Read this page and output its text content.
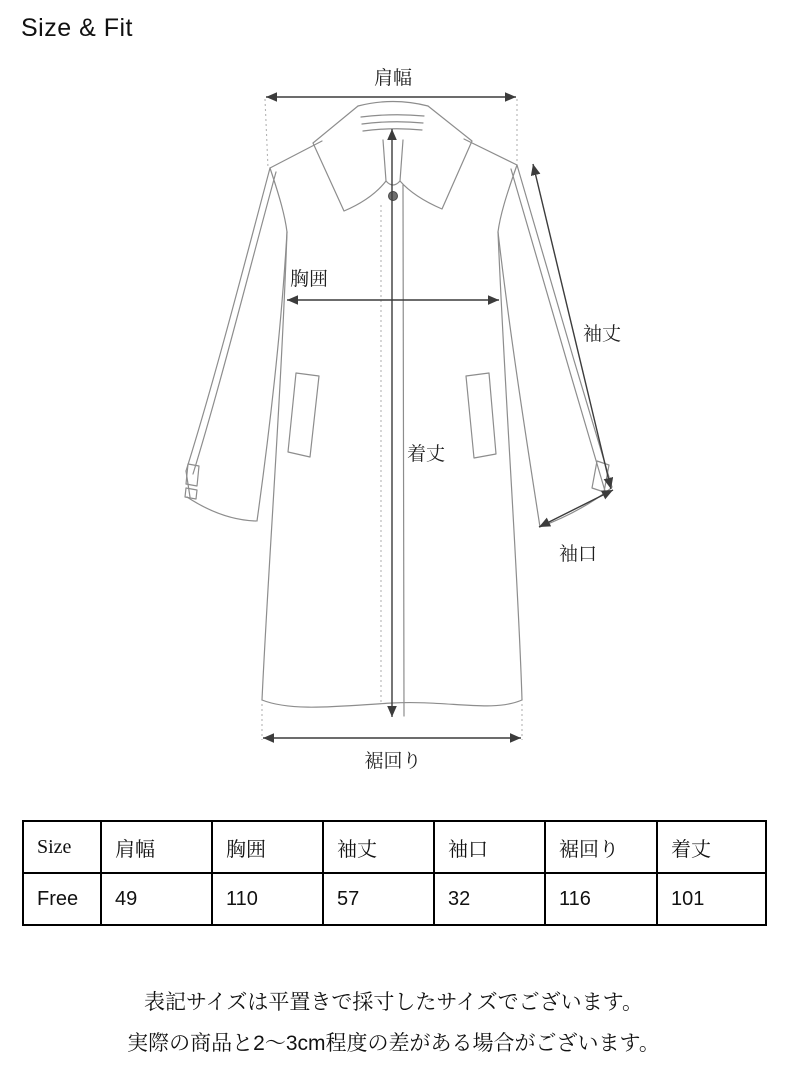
Size & Fit
肩幅
胸囲
袖丈
着丈
袖口
裾回り
Size	肩幅	胸囲	袖丈	袖口	裾回り	着丈
Free	49	110	57	32	116	101
表記サイズは平置きで採寸したサイズでございます。
実際の商品と2〜3cm程度の差がある場合がございます。
